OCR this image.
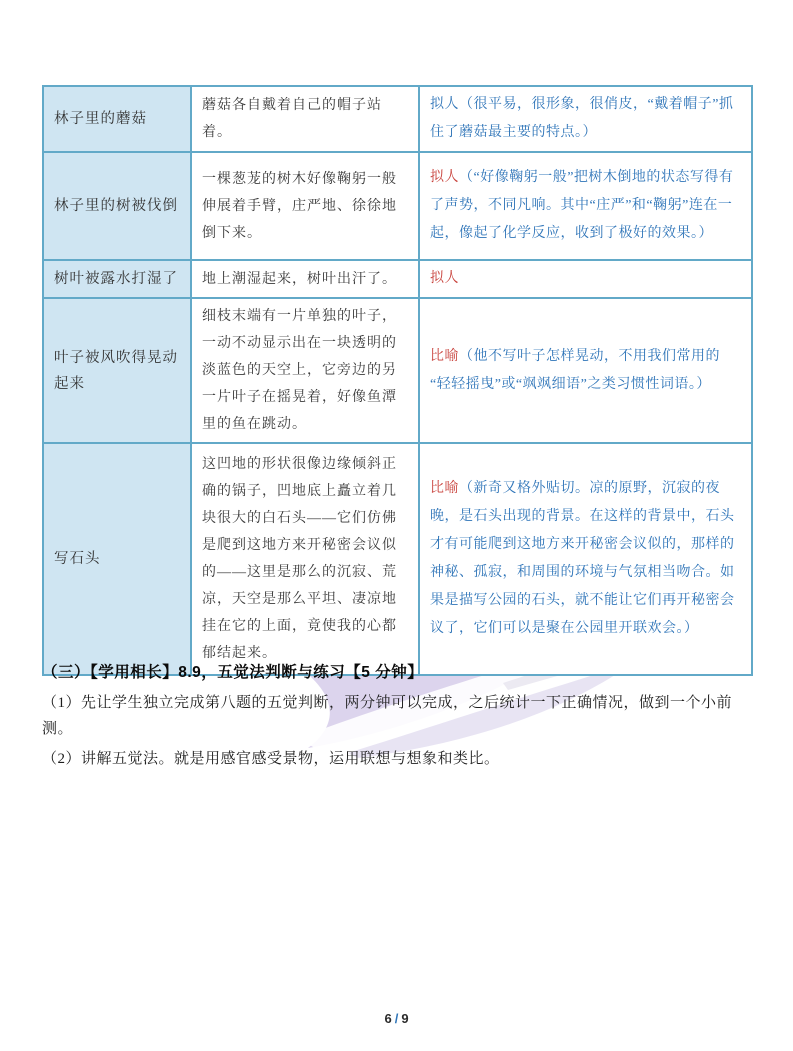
林子里的蘑菇	蘑菇各自戴着自己的帽子站着。	拟人（很平易，很形象，很俏皮，“戴着帽子”抓住了蘑菇最主要的特点。）
林子里的树被伐倒	一棵葱茏的树木好像鞠躬一般伸展着手臂，庄严地、徐徐地倒下来。	拟人（“好像鞠躬一般”把树木倒地的状态写得有了声势，不同凡响。其中“庄严”和“鞠躬”连在一起，像起了化学反应，收到了极好的效果。）
树叶被露水打湿了	地上潮湿起来，树叶出汗了。	拟人
叶子被风吹得晃动起来	细枝末端有一片单独的叶子，一动不动显示出在一块透明的淡蓝色的天空上，它旁边的另一片叶子在摇晃着，好像鱼潭里的鱼在跳动。	比喻（他不写叶子怎样晃动，不用我们常用的“轻轻摇曳”或“飒飒细语”之类习惯性词语。）
写石头	这凹地的形状很像边缘倾斜正确的锅子，凹地底上矗立着几块很大的白石头——它们仿佛是爬到这地方来开秘密会议似的——这里是那么的沉寂、荒凉，天空是那么平坦、凄凉地挂在它的上面，竟使我的心都郁结起来。	比喻（新奇又格外贴切。凉的原野，沉寂的夜晚，是石头出现的背景。在这样的背景中，石头才有可能爬到这地方来开秘密会议似的，那样的神秘、孤寂，和周围的环境与气氛相当吻合。如果是描写公园的石头，就不能让它们再开秘密会议了，它们可以是聚在公园里开联欢会。）
（三）【学用相长】8.9，五觉法判断与练习【5 分钟】

（1）先让学生独立完成第八题的五觉判断，两分钟可以完成，之后统计一下正确情况，做到一个小前测。

（2）讲解五觉法。就是用感官感受景物，运用联想与想象和类比。

6 / 9
